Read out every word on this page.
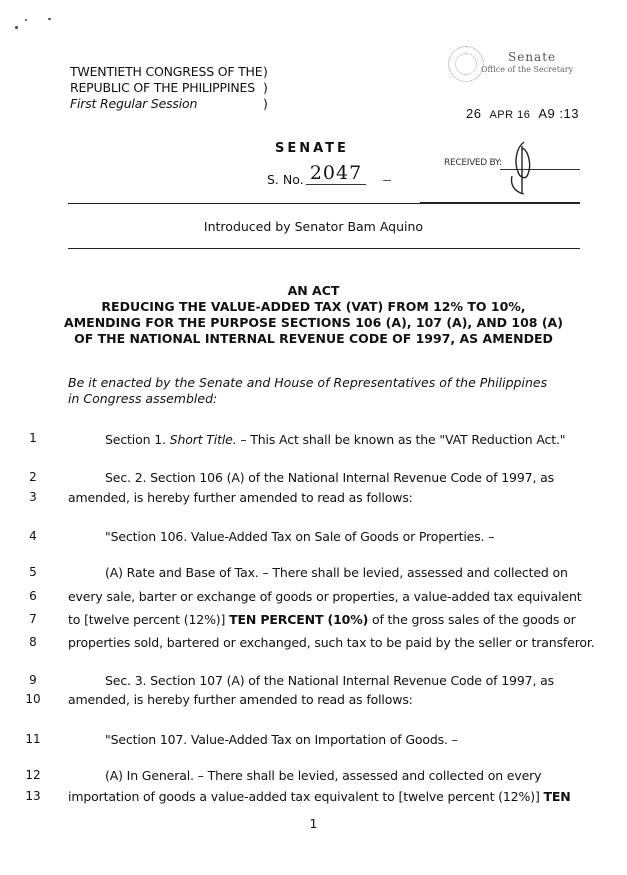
TWENTIETH CONGRESS OF THE )
REPUBLIC OF THE PHILIPPINES )
First Regular Session	)
Senate
Office of the Secretary
26 APR 16 A9 :13
SENATE
S. No. 2047	RECEIVED BY:
Introduced by Senator Bam Aquino
AN ACT
REDUCING THE VALUE-ADDED TAX (VAT) FROM 12% TO 10%,
AMENDING FOR THE PURPOSE SECTIONS 106 (A), 107 (A), AND 108 (A)
OF THE NATIONAL INTERNAL REVENUE CODE OF 1997, AS AMENDED
Be it enacted by the Senate and House of Representatives of the Philippines in Congress assembled:
1	Section 1. Short Title. – This Act shall be known as the "VAT Reduction Act."
2	Sec. 2. Section 106 (A) of the National Internal Revenue Code of 1997, as
3	amended, is hereby further amended to read as follows:
4	"Section 106. Value-Added Tax on Sale of Goods or Properties. –
5	(A) Rate and Base of Tax. – There shall be levied, assessed and collected on
6	every sale, barter or exchange of goods or properties, a value-added tax equivalent
7	to [twelve percent (12%)] TEN PERCENT (10%) of the gross sales of the goods or
8	properties sold, bartered or exchanged, such tax to be paid by the seller or transferor.
9	Sec. 3. Section 107 (A) of the National Internal Revenue Code of 1997, as
10	amended, is hereby further amended to read as follows:
11	"Section 107. Value-Added Tax on Importation of Goods. –
12	(A) In General. – There shall be levied, assessed and collected on every
13	importation of goods a value-added tax equivalent to [twelve percent (12%)] TEN
1
